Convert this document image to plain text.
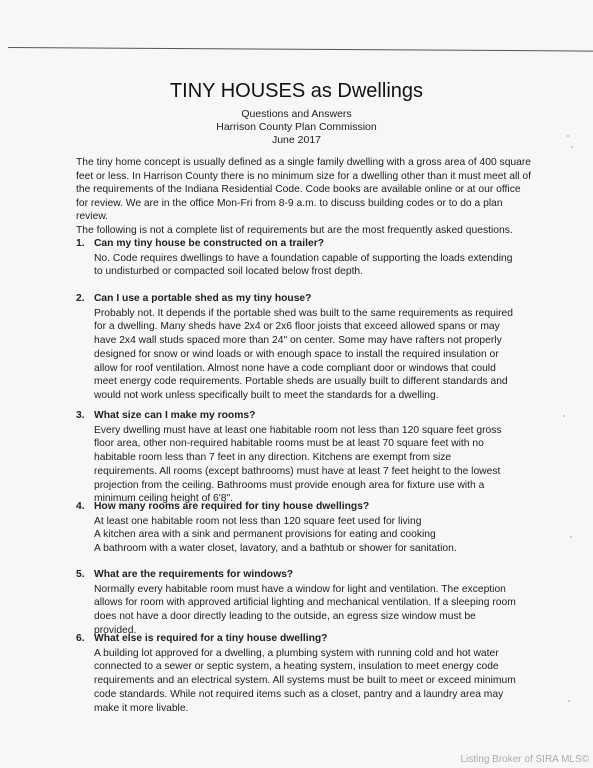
TINY HOUSES as Dwellings
Questions and Answers
Harrison County Plan Commission
June 2017

The tiny home concept is usually defined as a single family dwelling with a gross area of 400 square feet or less. In Harrison County there is no minimum size for a dwelling other than it must meet all of the requirements of the Indiana Residential Code. Code books are available online or at our office for review. We are in the office Mon-Fri from 8-9 a.m. to discuss building codes or to do a plan review.

The following is not a complete list of requirements but are the most frequently asked questions.

1. Can my tiny house be constructed on a trailer?
No. Code requires dwellings to have a foundation capable of supporting the loads extending to undisturbed or compacted soil located below frost depth.
2. Can I use a portable shed as my tiny house?
Probably not. It depends if the portable shed was built to the same requirements as required for a dwelling. Many sheds have 2x4 or 2x6 floor joists that exceed allowed spans or may have 2x4 wall studs spaced more than 24" on center. Some may have rafters not properly designed for snow or wind loads or with enough space to install the required insulation or allow for roof ventilation. Almost none have a code compliant door or windows that could meet energy code requirements. Portable sheds are usually built to different standards and would not work unless specifically built to meet the standards for a dwelling.
3. What size can I make my rooms?
Every dwelling must have at least one habitable room not less than 120 square feet gross floor area, other non-required habitable rooms must be at least 70 square feet with no habitable room less than 7 feet in any direction. Kitchens are exempt from size requirements. All rooms (except bathrooms) must have at least 7 feet height to the lowest projection from the ceiling. Bathrooms must provide enough area for fixture use with a minimum ceiling height of 6'8".
4. How many rooms are required for tiny house dwellings?
At least one habitable room not less than 120 square feet used for living
A kitchen area with a sink and permanent provisions for eating and cooking
A bathroom with a water closet, lavatory, and a bathtub or shower for sanitation.
5. What are the requirements for windows?
Normally every habitable room must have a window for light and ventilation. The exception allows for room with approved artificial lighting and mechanical ventilation. If a sleeping room does not have a door directly leading to the outside, an egress size window must be provided.
6. What else is required for a tiny house dwelling?
A building lot approved for a dwelling, a plumbing system with running cold and hot water connected to a sewer or septic system, a heating system, insulation to meet energy code requirements and an electrical system. All systems must be built to meet or exceed minimum code standards. While not required items such as a closet, pantry and a laundry area may make it more livable.
Listing Broker of SIRA MLS©
